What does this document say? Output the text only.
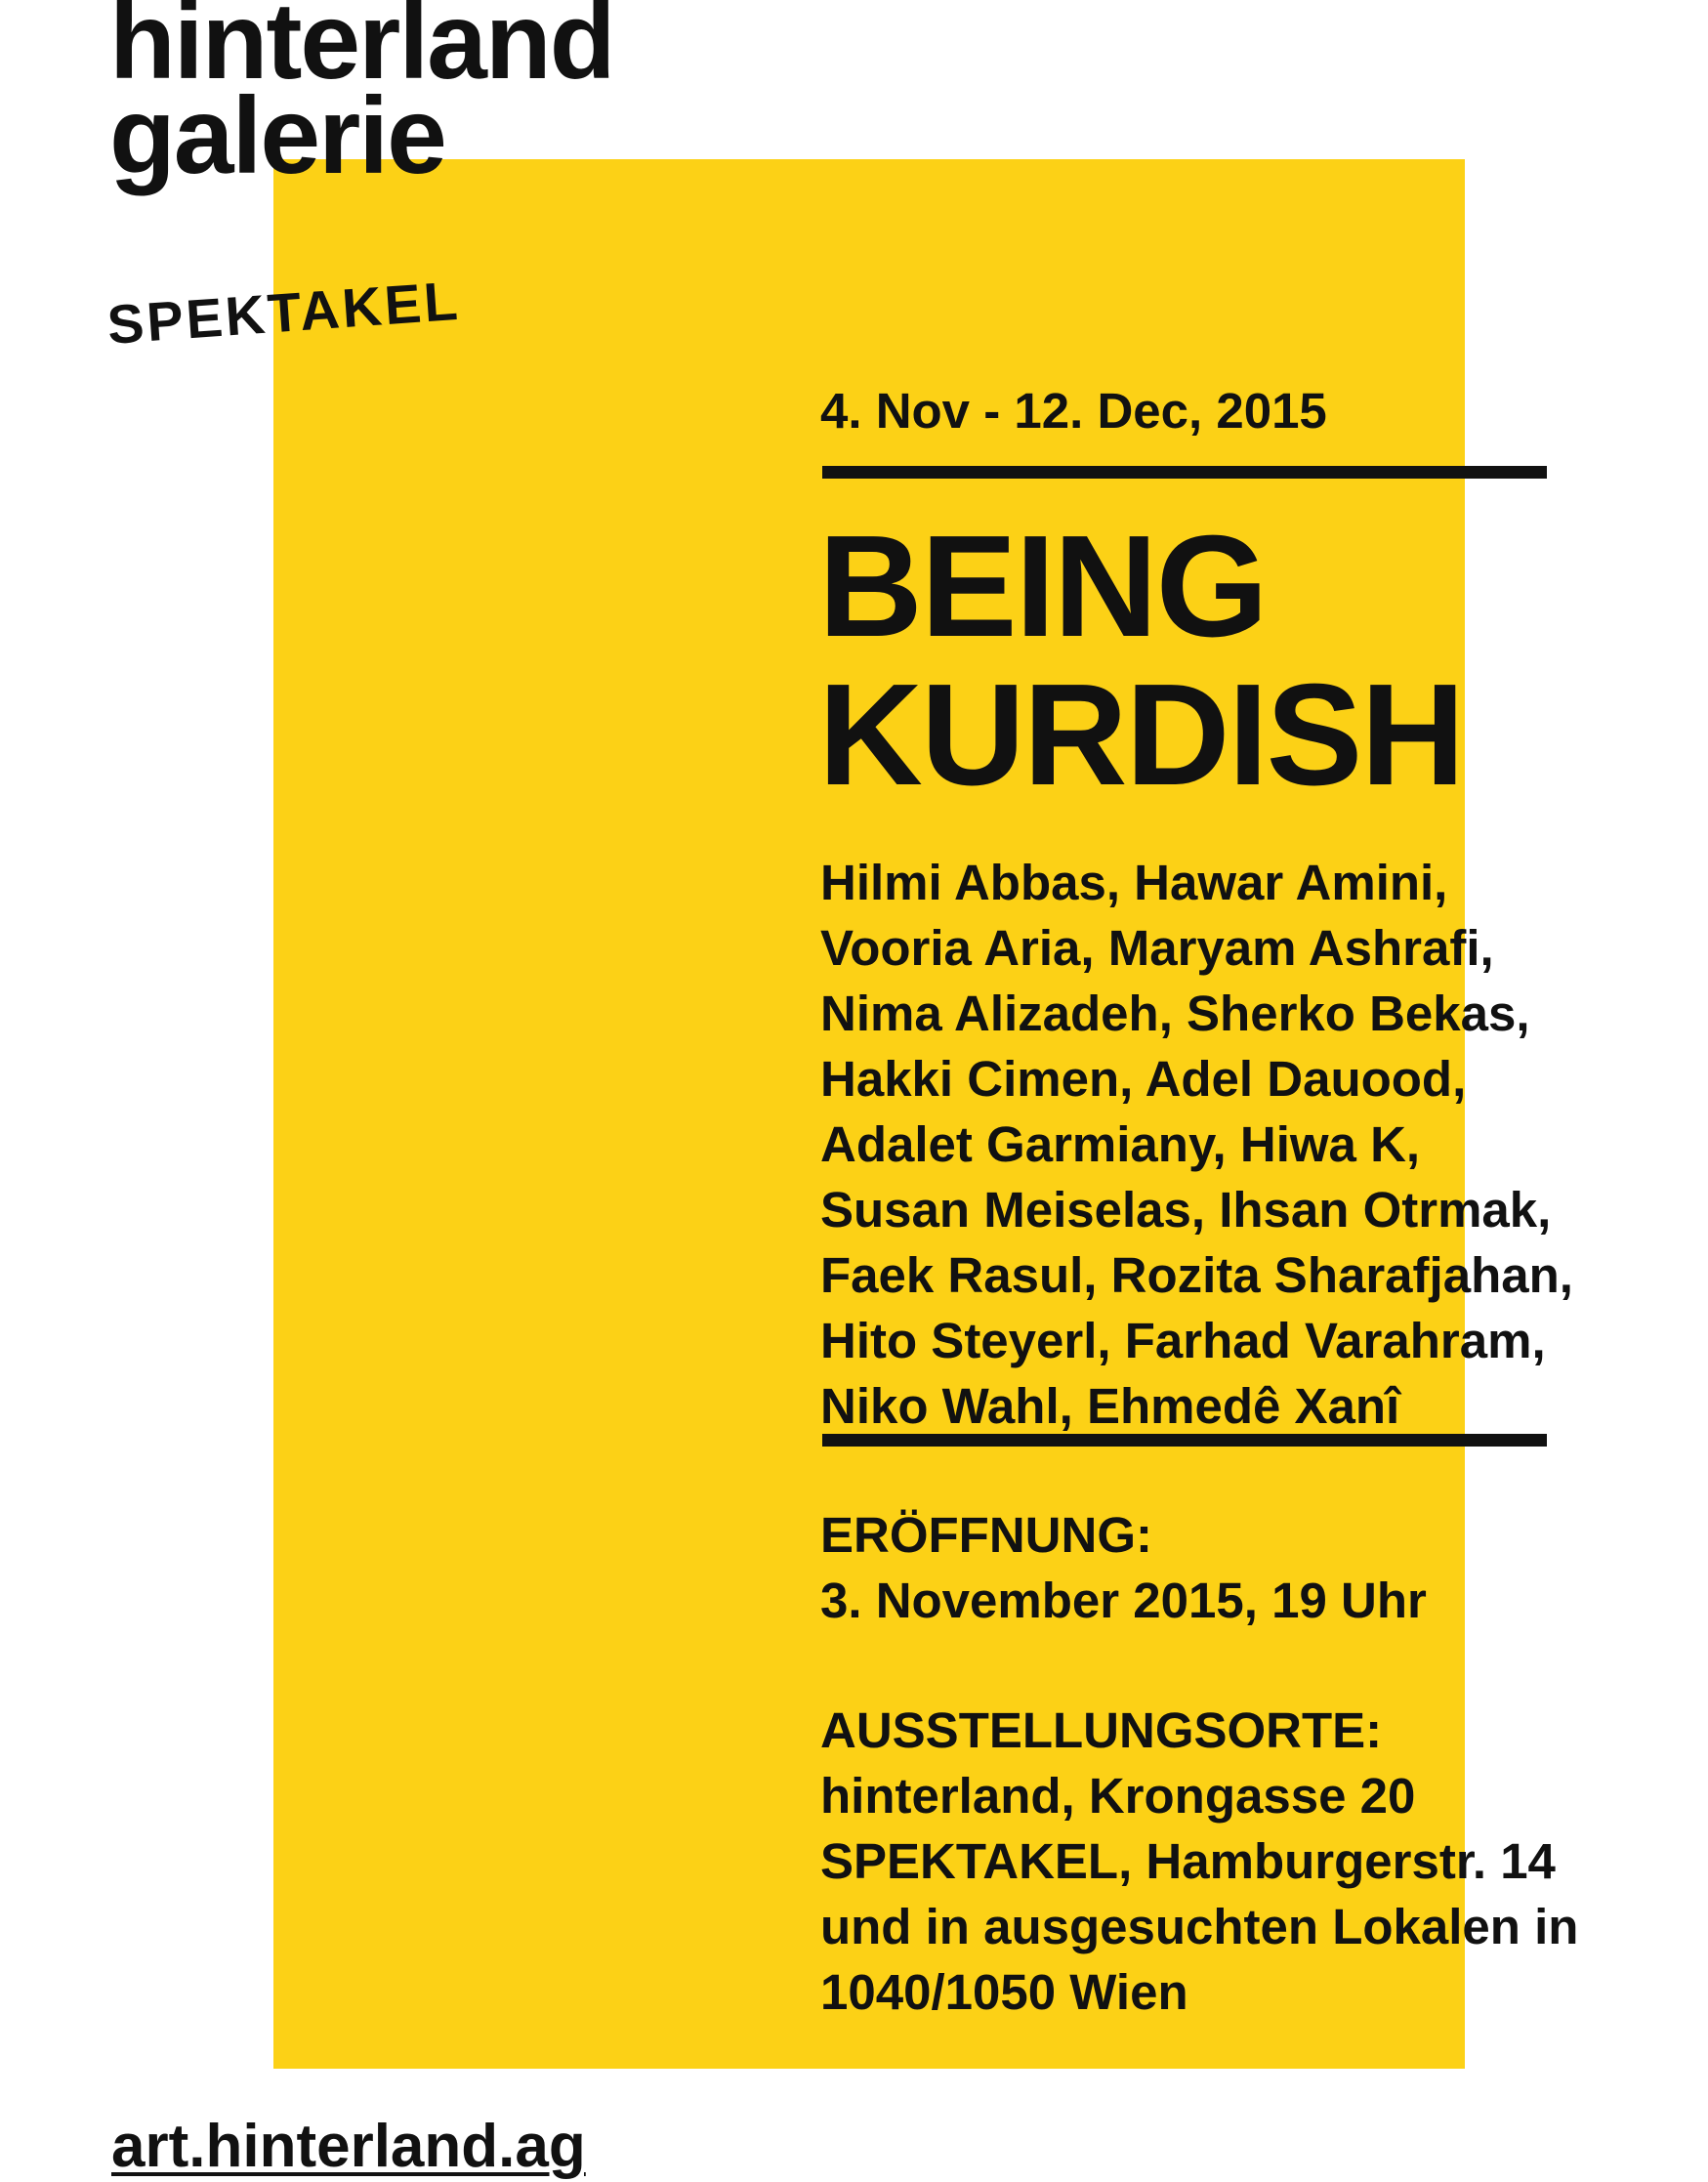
hinterland
galerie
SPEKTAKEL
4. Nov - 12. Dec, 2015
BEING
KURDISH
Hilmi Abbas, Hawar Amini,
Vooria Aria, Maryam Ashrafi,
Nima Alizadeh, Sherko Bekas,
Hakki Cimen, Adel Dauood,
Adalet Garmiany, Hiwa K,
Susan Meiselas, Ihsan Otrmak,
Faek Rasul, Rozita Sharafjahan,
Hito Steyerl, Farhad Varahram,
Niko Wahl, Ehmedê Xanî
ERÖFFNUNG:
3. November 2015, 19 Uhr
AUSSTELLUNGSORTE:
hinterland, Krongasse 20
SPEKTAKEL, Hamburgerstr. 14
und in ausgesuchten Lokalen in
1040/1050 Wien
art.hinterland.ag
